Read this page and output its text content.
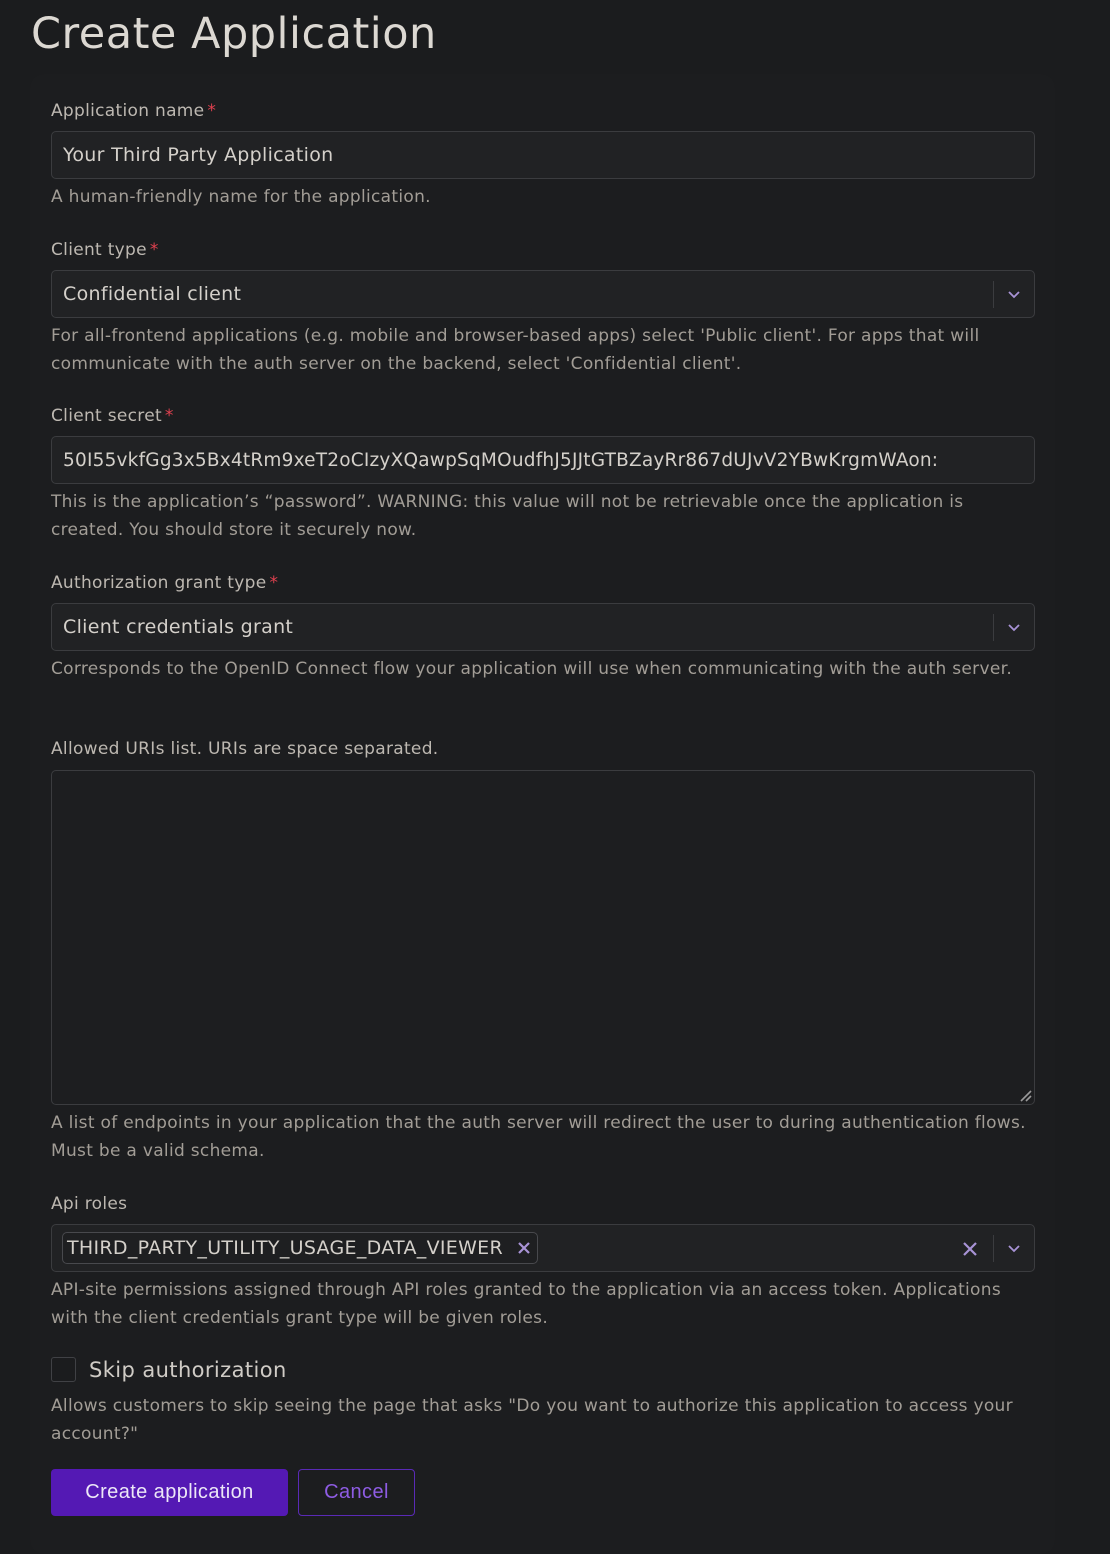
Create Application
Application name *
Your Third Party Application
A human-friendly name for the application.
Client type *
Confidential client
For all-frontend applications (e.g. mobile and browser-based apps) select 'Public client'. For apps that will communicate with the auth server on the backend, select 'Confidential client'.
Client secret *
50I55vkfGg3x5Bx4tRm9xeT2oCIzyXQawpSqMOudfhJ5JJtGTBZayRr867dUJvV2YBwKrgmWAon:
This is the application’s “password”. WARNING: this value will not be retrievable once the application is created. You should store it securely now.
Authorization grant type *
Client credentials grant
Corresponds to the OpenID Connect flow your application will use when communicating with the auth server.
Allowed URIs list. URIs are space separated.
A list of endpoints in your application that the auth server will redirect the user to during authentication flows. Must be a valid schema.
Api roles
THIRD_PARTY_UTILITY_USAGE_DATA_VIEWER
API-site permissions assigned through API roles granted to the application via an access token. Applications with the client credentials grant type will be given roles.
Skip authorization
Allows customers to skip seeing the page that asks "Do you want to authorize this application to access your account?"
Create application	Cancel
